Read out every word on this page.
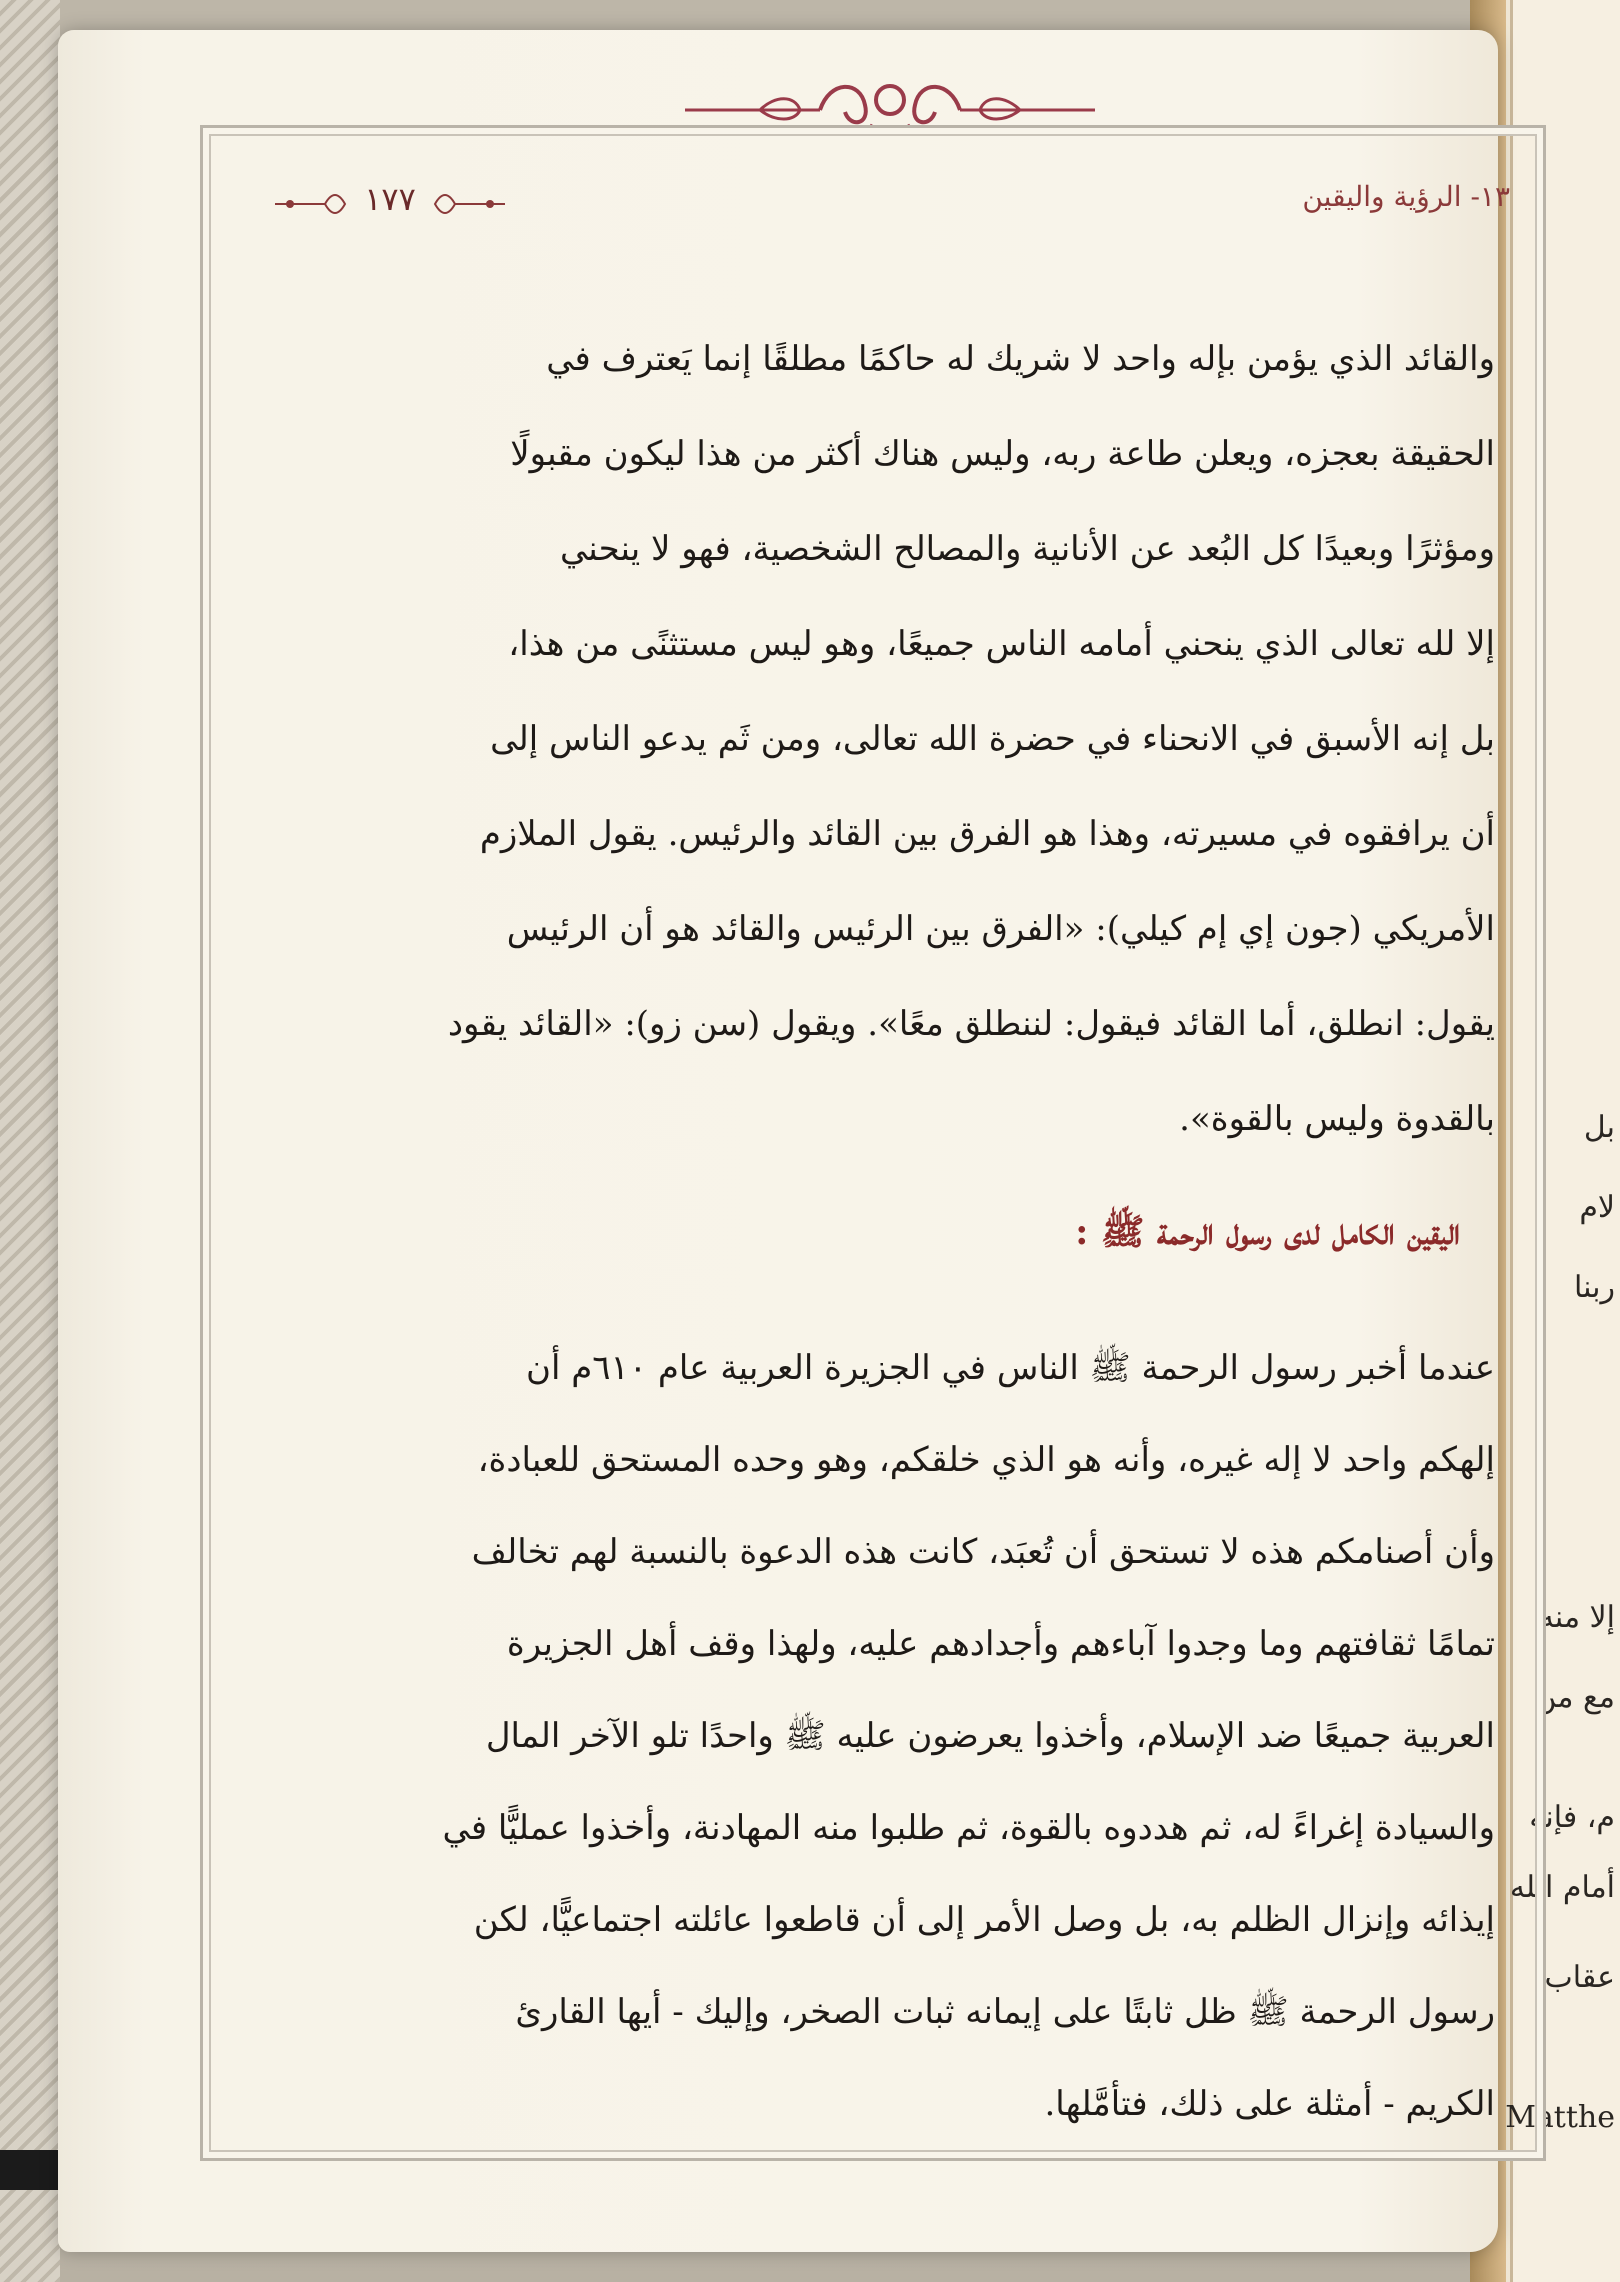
بل
لام
ربنا
إلا منه
مع من
م، فإنه
أمام الله
عقاب.
Matthe
١٣- الرؤية واليقين
١٧٧
والقائد الذي يؤمن بإله واحد لا شريك له حاكمًا مطلقًا إنما يَعترف في
الحقيقة بعجزه، ويعلن طاعة ربه، وليس هناك أكثر من هذا ليكون مقبولًا
ومؤثرًا وبعيدًا كل البُعد عن الأنانية والمصالح الشخصية، فهو لا ينحني
إلا لله تعالى الذي ينحني أمامه الناس جميعًا، وهو ليس مستثنًى من هذا،
بل إنه الأسبق في الانحناء في حضرة الله تعالى، ومن ثَم يدعو الناس إلى
أن يرافقوه في مسيرته، وهذا هو الفرق بين القائد والرئيس. يقول الملازم
الأمريكي (جون إي إم كيلي): «الفرق بين الرئيس والقائد هو أن الرئيس
يقول: انطلق، أما القائد فيقول: لننطلق معًا». ويقول (سن زو): «القائد يقود
بالقدوة وليس بالقوة».
اليقين الكامل لدى رسول الرحمة ﷺ :
عندما أخبر رسول الرحمة ﷺ الناس في الجزيرة العربية عام ٦١٠م أن
إلهكم واحد لا إله غيره، وأنه هو الذي خلقكم، وهو وحده المستحق للعبادة،
وأن أصنامكم هذه لا تستحق أن تُعبَد، كانت هذه الدعوة بالنسبة لهم تخالف
تمامًا ثقافتهم وما وجدوا آباءهم وأجدادهم عليه، ولهذا وقف أهل الجزيرة
العربية جميعًا ضد الإسلام، وأخذوا يعرضون عليه ﷺ واحدًا تلو الآخر المال
والسيادة إغراءً له، ثم هددوه بالقوة، ثم طلبوا منه المهادنة، وأخذوا عمليًّا في
إيذائه وإنزال الظلم به، بل وصل الأمر إلى أن قاطعوا عائلته اجتماعيًّا، لكن
رسول الرحمة ﷺ ظل ثابتًا على إيمانه ثبات الصخر، وإليك - أيها القارئ
الكريم - أمثلة على ذلك، فتأمَّلها.
